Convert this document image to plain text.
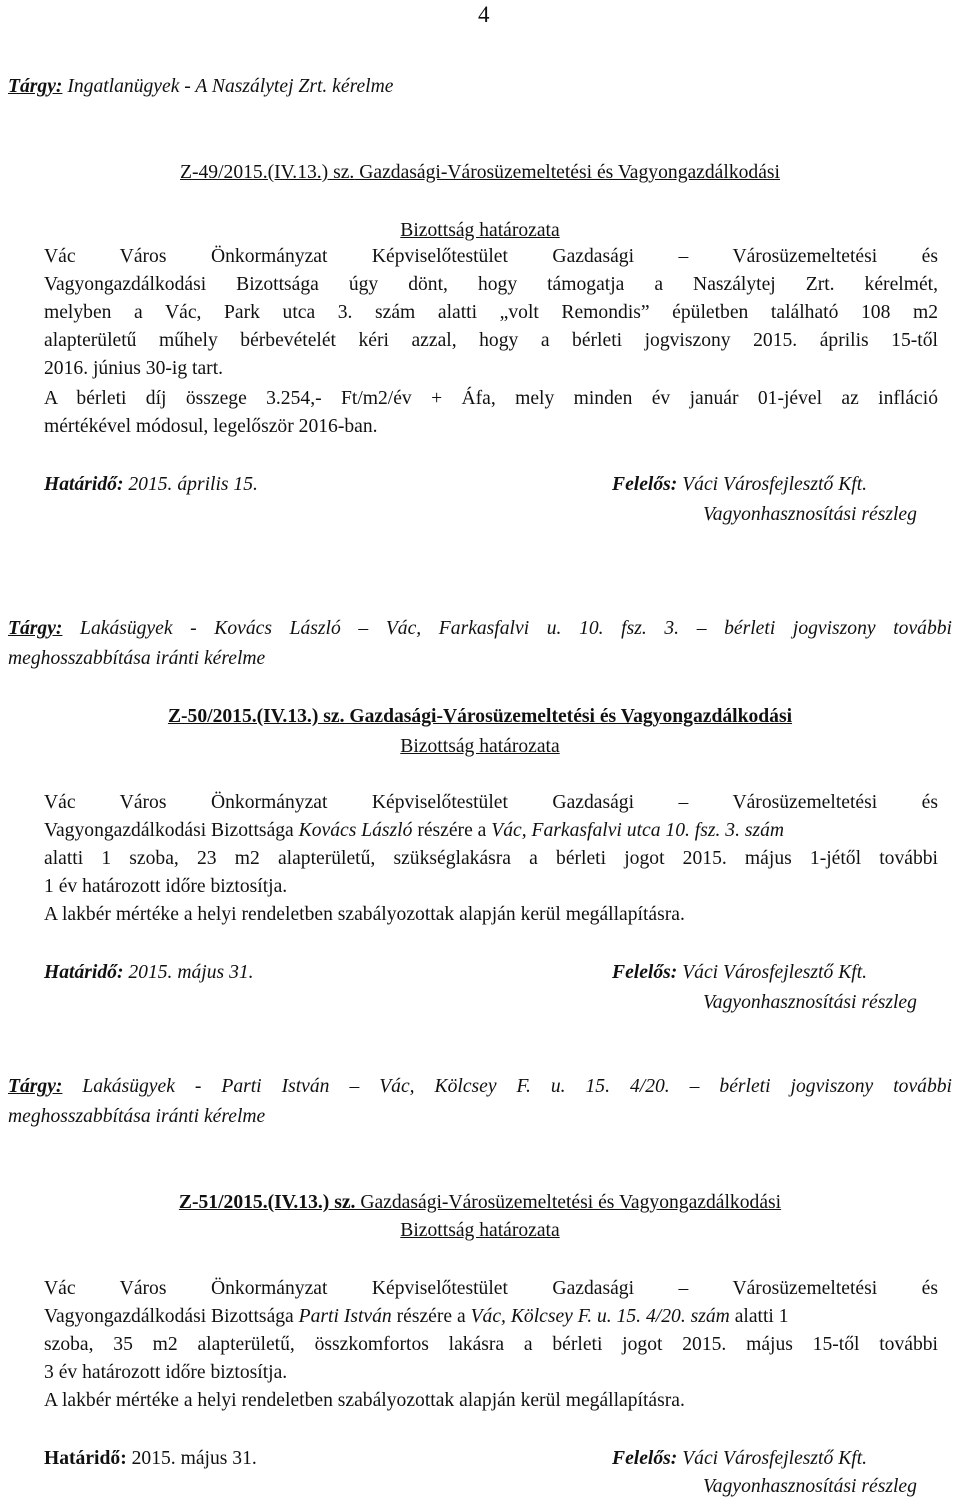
4
Tárgy: Ingatlanügyek - A Naszálytej Zrt. kérelme
Z-49/2015.(IV.13.) sz. Gazdasági-Városüzemeltetési és Vagyongazdálkodási
Bizottság határozata
Vác Város Önkormányzat Képviselőtestület Gazdasági – Városüzemeltetési és
Vagyongazdálkodási Bizottsága úgy dönt, hogy támogatja a Naszálytej Zrt. kérelmét,
melyben a Vác, Park utca 3. szám alatti „volt Remondis” épületben található 108 m2
alapterületű műhely bérbevételét kéri azzal, hogy a bérleti jogviszony 2015. április 15-től
2016. június 30-ig tart.
A bérleti díj összege 3.254,- Ft/m2/év + Áfa, mely minden év január 01-jével az infláció
mértékével módosul, legelőször 2016-ban.
Határidő: 2015. április 15.	Felelős: Váci Városfejlesztő Kft.
Vagyonhasznosítási részleg
Tárgy: Lakásügyek - Kovács László – Vác, Farkasfalvi u. 10. fsz. 3. – bérleti jogviszony további
meghosszabbítása iránti kérelme
Z-50/2015.(IV.13.) sz. Gazdasági-Városüzemeltetési és Vagyongazdálkodási
Bizottság határozata
Vác Város Önkormányzat Képviselőtestület Gazdasági – Városüzemeltetési és
Vagyongazdálkodási Bizottsága Kovács László részére a Vác, Farkasfalvi utca 10. fsz. 3. szám
alatti 1 szoba, 23 m2 alapterületű, szükséglakásra a bérleti jogot 2015. május 1-jétől további
1 év határozott időre biztosítja.
A lakbér mértéke a helyi rendeletben szabályozottak alapján kerül megállapításra.
Határidő: 2015. május 31.	Felelős: Váci Városfejlesztő Kft.
Vagyonhasznosítási részleg
Tárgy: Lakásügyek - Parti István – Vác, Kölcsey F. u. 15. 4/20. – bérleti jogviszony további
meghosszabbítása iránti kérelme
Z-51/2015.(IV.13.) sz. Gazdasági-Városüzemeltetési és Vagyongazdálkodási
Bizottság határozata
Vác Város Önkormányzat Képviselőtestület Gazdasági – Városüzemeltetési és
Vagyongazdálkodási Bizottsága Parti István részére a Vác, Kölcsey F. u. 15. 4/20. szám alatti 1
szoba, 35 m2 alapterületű, összkomfortos lakásra a bérleti jogot 2015. május 15-től további
3 év határozott időre biztosítja.
A lakbér mértéke a helyi rendeletben szabályozottak alapján kerül megállapításra.
Határidő: 2015. május 31.	Felelős: Váci Városfejlesztő Kft.
Vagyonhasznosítási részleg
